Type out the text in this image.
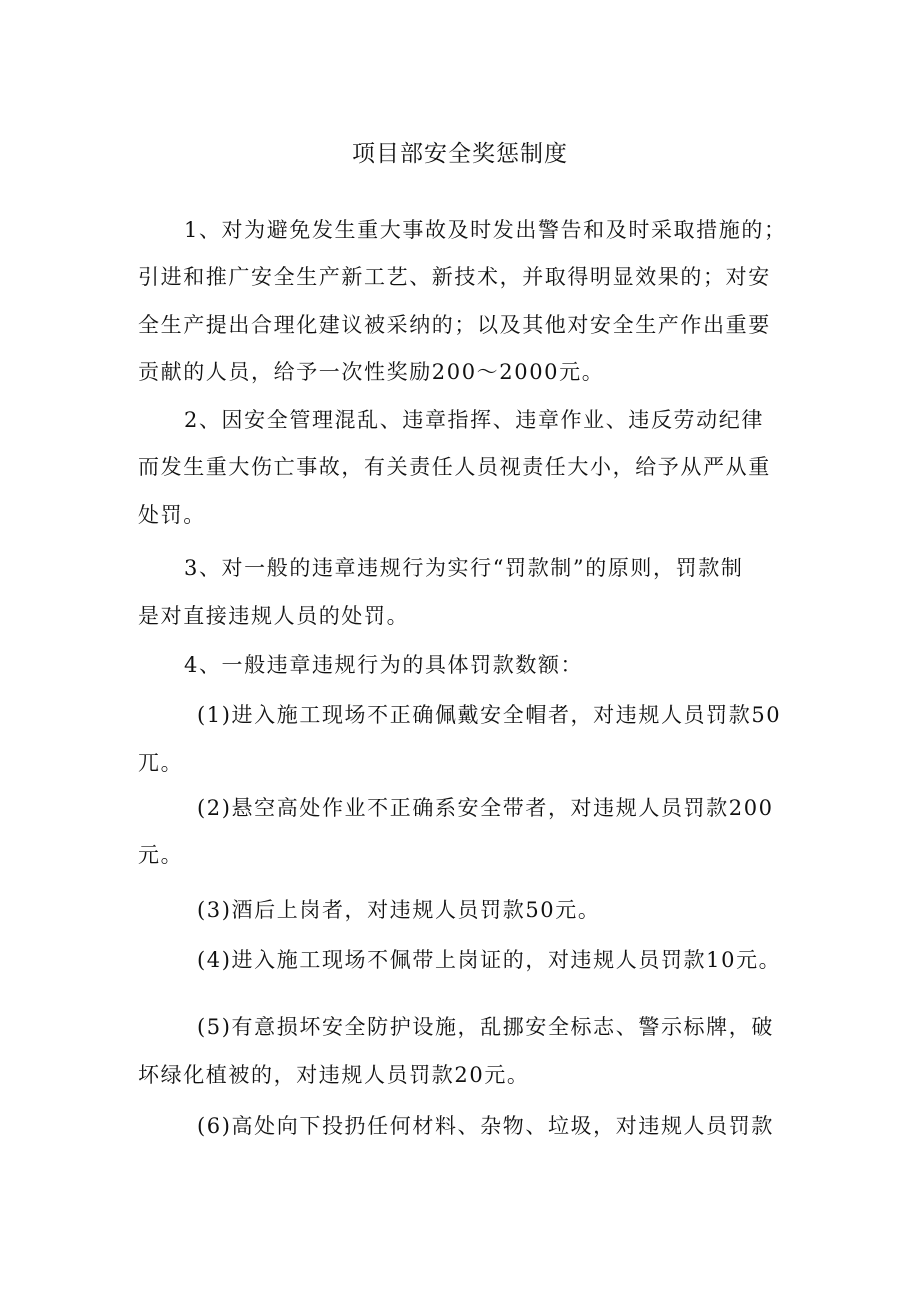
项目部安全奖惩制度

1、对为避免发生重大事故及时发出警告和及时采取措施的；

引进和推广安全生产新工艺、新技术，并取得明显效果的；对安

全生产提出合理化建议被采纳的；以及其他对安全生产作出重要

贡献的人员，给予一次性奖励200～2000元。

2、因安全管理混乱、违章指挥、违章作业、违反劳动纪律

而发生重大伤亡事故，有关责任人员视责任大小，给予从严从重

处罚。

3、对一般的违章违规行为实行“罚款制”的原则，罚款制

是对直接违规人员的处罚。

4、一般违章违规行为的具体罚款数额：

(1)进入施工现场不正确佩戴安全帽者，对违规人员罚款50

兀。

(2)悬空高处作业不正确系安全带者，对违规人员罚款200

元。

(3)酒后上岗者，对违规人员罚款50元。

(4)进入施工现场不佩带上岗证的，对违规人员罚款10元。

(5)有意损坏安全防护设施，乱挪安全标志、警示标牌，破

坏绿化植被的，对违规人员罚款20元。

(6)高处向下投扔任何材料、杂物、垃圾，对违规人员罚款
